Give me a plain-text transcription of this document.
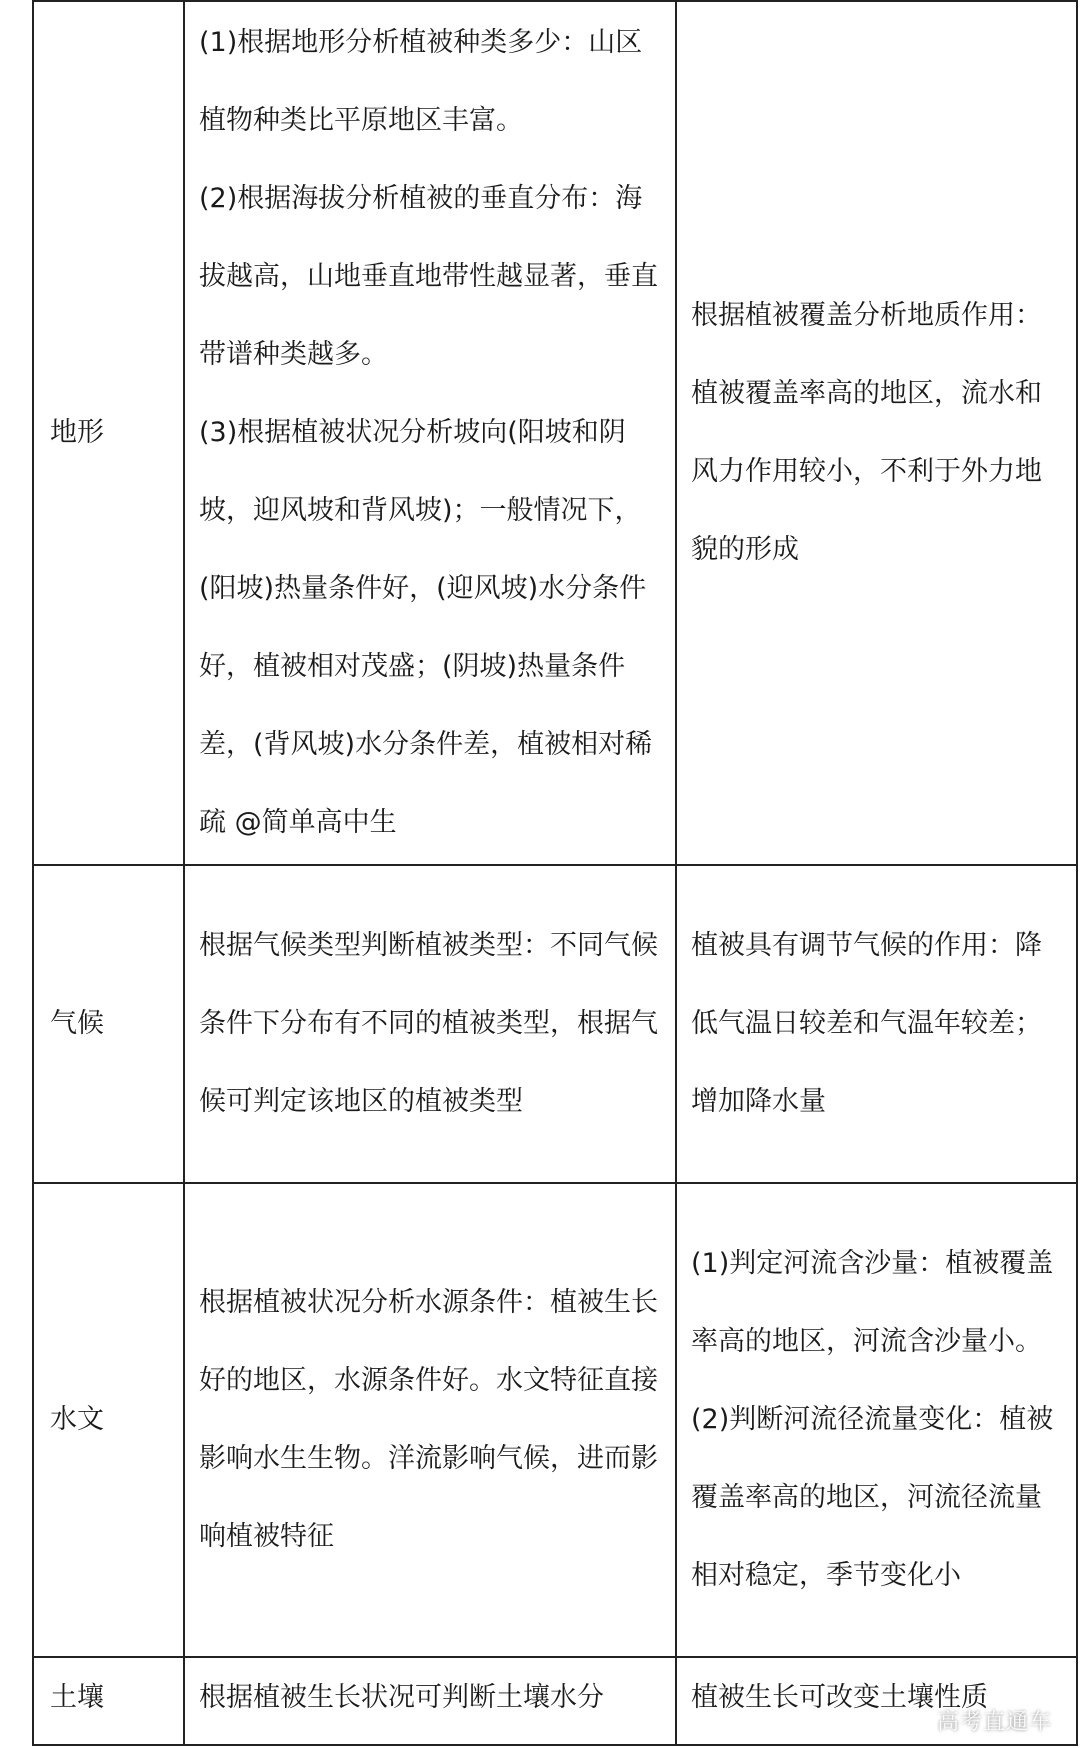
地形	(1)根据地形分析植被种类多少：山区植物种类比平原地区丰富。

(2)根据海拔分析植被的垂直分布：海拔越高，山地垂直地带性越显著，垂直带谱种类越多。

(3)根据植被状况分析坡向(阳坡和阴坡，迎风坡和背风坡)；一般情况下，(阳坡)热量条件好，(迎风坡)水分条件好，植被相对茂盛；(阴坡)热量条件差，(背风坡)水分条件差，植被相对稀疏 @简单高中生	根据植被覆盖分析地质作用：植被覆盖率高的地区，流水和风力作用较小，不利于外力地貌的形成

气候	根据气候类型判断植被类型：不同气候条件下分布有不同的植被类型，根据气候可判定该地区的植被类型	植被具有调节气候的作用：降低气温日较差和气温年较差；增加降水量

水文	根据植被状况分析水源条件：植被生长好的地区，水源条件好。水文特征直接影响水生生物。洋流影响气候，进而影响植被特征	(1)判定河流含沙量：植被覆盖率高的地区，河流含沙量小。

(2)判断河流径流量变化：植被覆盖率高的地区，河流径流量相对稳定，季节变化小

土壤	根据植被生长状况可判断土壤水分	植被生长可改变土壤性质

高考直通车
